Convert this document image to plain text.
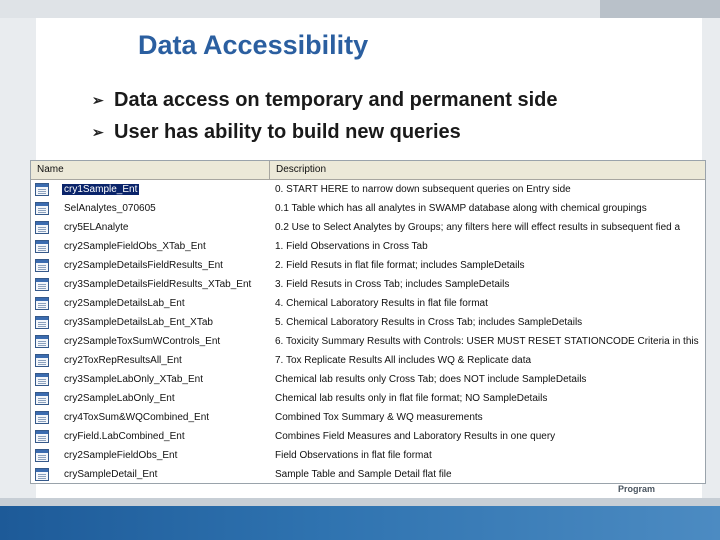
Data Accessibility
➢ Data access on temporary and permanent side
➢ User has ability to build new queries
Name	Description
cry1Sample_Ent	0. START HERE to narrow down subsequent queries on Entry side
SelAnalytes_070605	0.1 Table which has all analytes in SWAMP database along with chemical groupings
cry5ELAnalyte	0.2 Use to Select Analytes by Groups; any filters here will effect results in subsequent fied a
cry2SampleFieldObs_XTab_Ent	1. Field Observations in Cross Tab
cry2SampleDetailsFieldResults_Ent	2. Field Resuts in flat file format; includes SampleDetails
cry3SampleDetailsFieldResults_XTab_Ent	3. Field Resuts in Cross Tab; includes SampleDetails
cry2SampleDetailsLab_Ent	4. Chemical Laboratory Results in flat file format
cry3SampleDetailsLab_Ent_XTab	5. Chemical Laboratory Results in Cross Tab; includes SampleDetails
cry2SampleToxSumWControls_Ent	6. Toxicity Summary Results with Controls: USER MUST RESET STATIONCODE Criteria in this
cry2ToxRepResultsAll_Ent	7. Tox Replicate Results All includes WQ & Replicate data
cry3SampleLabOnly_XTab_Ent	Chemical lab results only Cross Tab; does NOT include SampleDetails
cry2SampleLabOnly_Ent	Chemical lab results only in flat file format; NO SampleDetails
cry4ToxSum&WQCombined_Ent	Combined Tox Summary & WQ measurements
cryField.LabCombined_Ent	Combines Field Measures and Laboratory Results in one query
cry2SampleFieldObs_Ent	Field Observations in flat file format
crySampleDetail_Ent	Sample Table and Sample Detail flat file
Program
